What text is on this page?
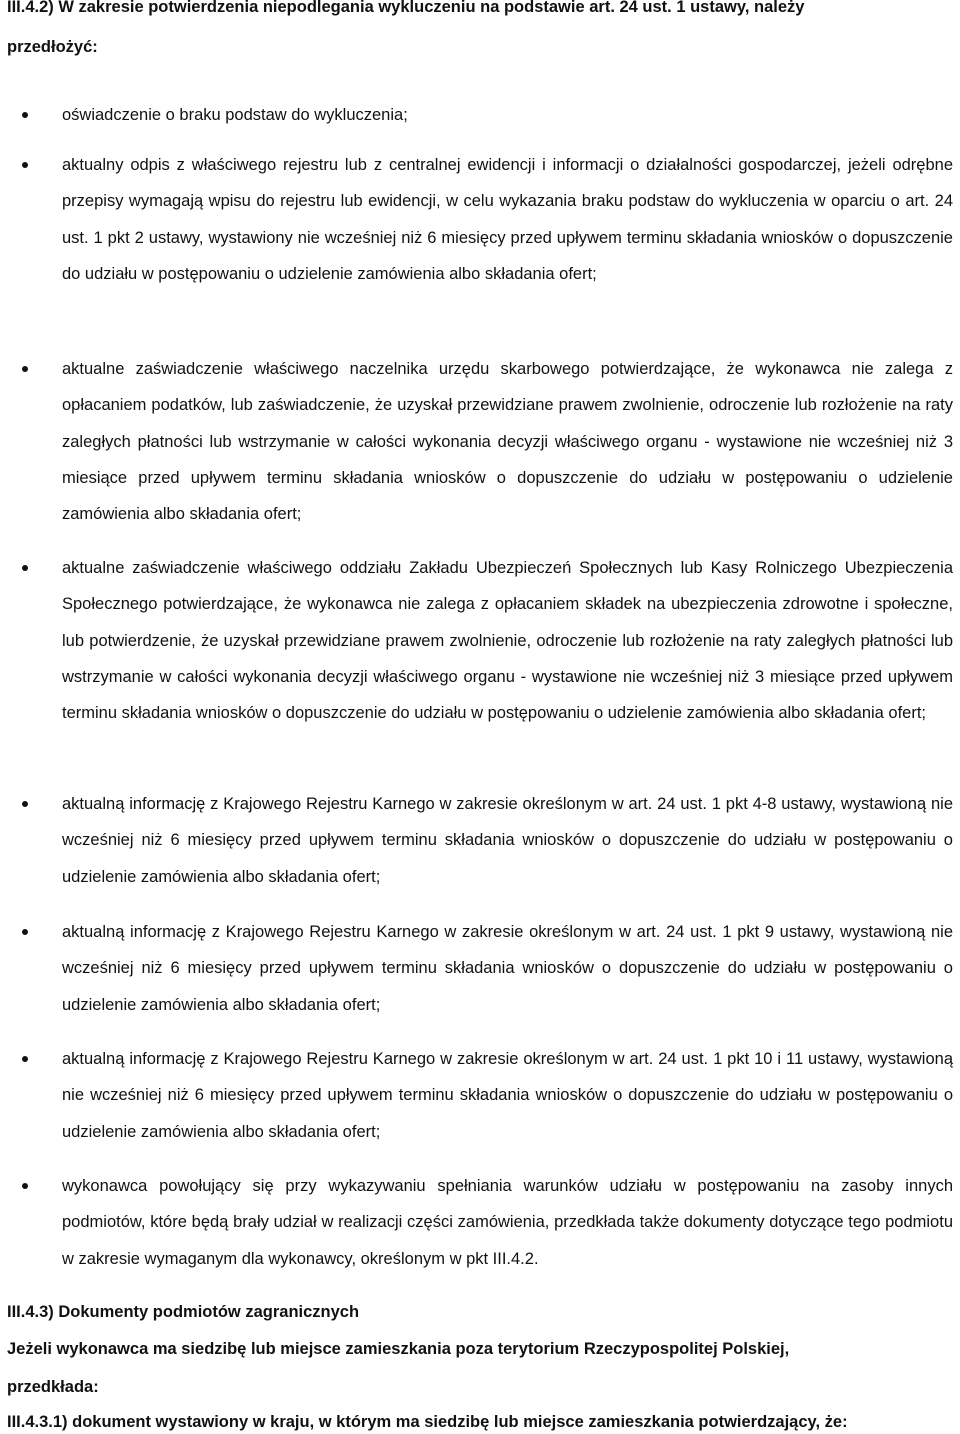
III.4.2) W zakresie potwierdzenia niepodlegania wykluczeniu na podstawie art. 24 ust. 1 ustawy, należy
przedłożyć:
oświadczenie o braku podstaw do wykluczenia;
aktualny odpis z właściwego rejestru lub z centralnej ewidencji i informacji o działalności gospodarczej, jeżeli odrębne przepisy wymagają wpisu do rejestru lub ewidencji, w celu wykazania braku podstaw do wykluczenia w oparciu o art. 24 ust. 1 pkt 2 ustawy, wystawiony nie wcześniej niż 6 miesięcy przed upływem terminu składania wniosków o dopuszczenie do udziału w postępowaniu o udzielenie zamówienia albo składania ofert;
aktualne zaświadczenie właściwego naczelnika urzędu skarbowego potwierdzające, że wykonawca nie zalega z opłacaniem podatków, lub zaświadczenie, że uzyskał przewidziane prawem zwolnienie, odroczenie lub rozłożenie na raty zaległych płatności lub wstrzymanie w całości wykonania decyzji właściwego organu - wystawione nie wcześniej niż 3 miesiące przed upływem terminu składania wniosków o dopuszczenie do udziału w postępowaniu o udzielenie zamówienia albo składania ofert;
aktualne zaświadczenie właściwego oddziału Zakładu Ubezpieczeń Społecznych lub Kasy Rolniczego Ubezpieczenia Społecznego potwierdzające, że wykonawca nie zalega z opłacaniem składek na ubezpieczenia zdrowotne i społeczne, lub potwierdzenie, że uzyskał przewidziane prawem zwolnienie, odroczenie lub rozłożenie na raty zaległych płatności lub wstrzymanie w całości wykonania decyzji właściwego organu - wystawione nie wcześniej niż 3 miesiące przed upływem terminu składania wniosków o dopuszczenie do udziału w postępowaniu o udzielenie zamówienia albo składania ofert;
aktualną informację z Krajowego Rejestru Karnego w zakresie określonym w art. 24 ust. 1 pkt 4-8 ustawy, wystawioną nie wcześniej niż 6 miesięcy przed upływem terminu składania wniosków o dopuszczenie do udziału w postępowaniu o udzielenie zamówienia albo składania ofert;
aktualną informację z Krajowego Rejestru Karnego w zakresie określonym w art. 24 ust. 1 pkt 9 ustawy, wystawioną nie wcześniej niż 6 miesięcy przed upływem terminu składania wniosków o dopuszczenie do udziału w postępowaniu o udzielenie zamówienia albo składania ofert;
aktualną informację z Krajowego Rejestru Karnego w zakresie określonym w art. 24 ust. 1 pkt 10 i 11 ustawy, wystawioną nie wcześniej niż 6 miesięcy przed upływem terminu składania wniosków o dopuszczenie do udziału w postępowaniu o udzielenie zamówienia albo składania ofert;
wykonawca powołujący się przy wykazywaniu spełniania warunków udziału w postępowaniu na zasoby innych podmiotów, które będą brały udział w realizacji części zamówienia, przedkłada także dokumenty dotyczące tego podmiotu w zakresie wymaganym dla wykonawcy, określonym w pkt III.4.2.
III.4.3) Dokumenty podmiotów zagranicznych
Jeżeli wykonawca ma siedzibę lub miejsce zamieszkania poza terytorium Rzeczypospolitej Polskiej,
przedkłada:
III.4.3.1) dokument wystawiony w kraju, w którym ma siedzibę lub miejsce zamieszkania potwierdzający, że:
